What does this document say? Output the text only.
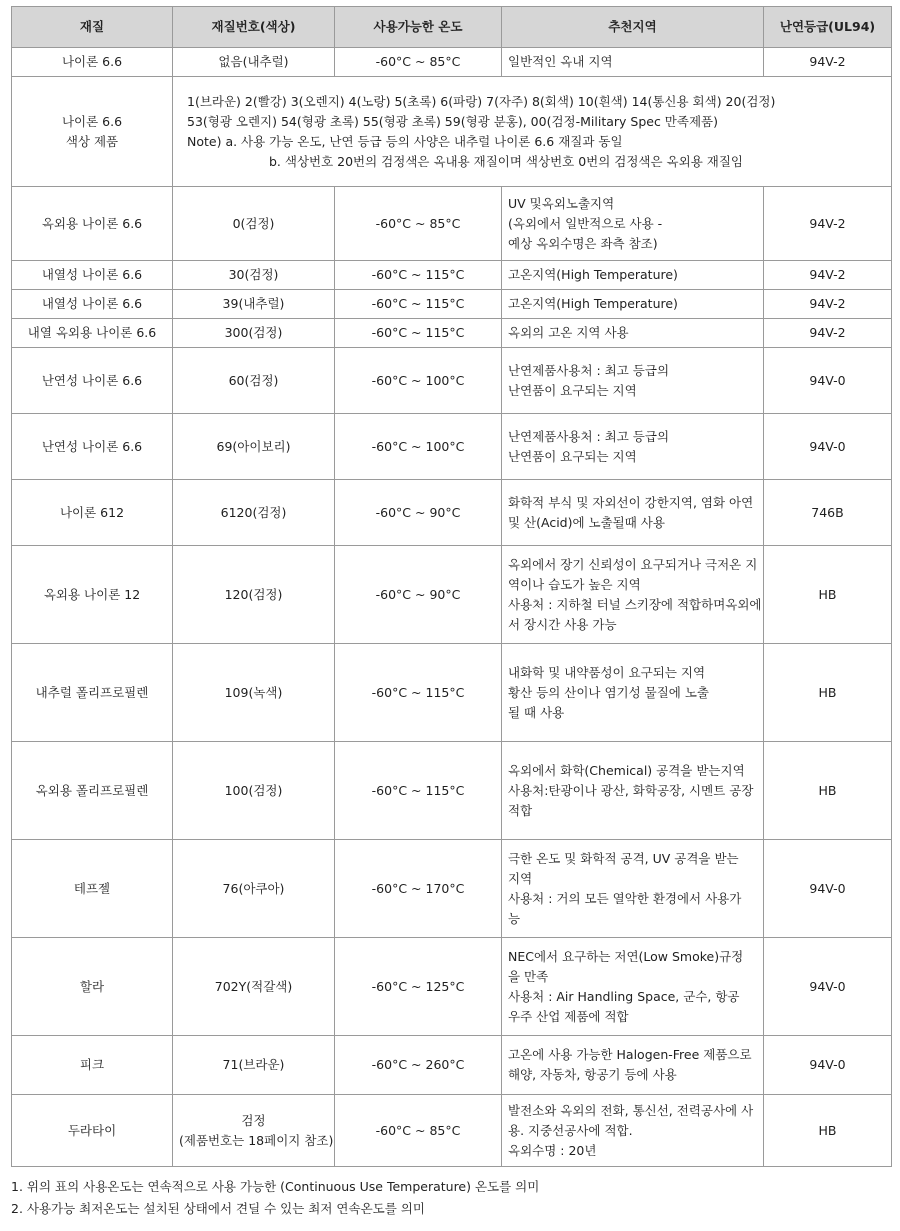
재질	재질번호(색상)	사용가능한 온도	추천지역	난연등급(UL94)
나이론 6.6	없음(내추럴)	-60°C ~ 85°C	일반적인 옥내 지역	94V-2

나이론 6.6
색상 제품	1(브라운) 2(빨강) 3(오렌지) 4(노랑) 5(초록) 6(파랑) 7(자주) 8(회색) 10(흰색) 14(통신용 회색) 20(검정)
53(형광 오렌지) 54(형광 초록) 55(형광 초록) 59(형광 분홍), 00(검정-Military Spec 만족제품)
Note) a. 사용 가능 온도, 난연 등급 등의 사양은 내추럴 나이론 6.6 재질과 동일
b. 색상번호 20번의 검정색은 옥내용 재질이며 색상번호 0번의 검정색은 옥외용 재질임			

옥외용 나이론 6.6	0(검정)	-60°C ~ 85°C	UV 및옥외노출지역
(옥외에서 일반적으로 사용 -
예상 옥외수명은 좌측 참조)	94V-2
내열성 나이론 6.6	30(검정)	-60°C ~ 115°C	고온지역(High Temperature)	94V-2
내열성 나이론 6.6	39(내추럴)	-60°C ~ 115°C	고온지역(High Temperature)	94V-2
내열 옥외용 나이론 6.6	300(검정)	-60°C ~ 115°C	옥외의 고온 지역 사용	94V-2
난연성 나이론 6.6	60(검정)	-60°C ~ 100°C	난연제품사용처 : 최고 등급의
난연품이 요구되는 지역	94V-0
난연성 나이론 6.6	69(아이보리)	-60°C ~ 100°C	난연제품사용처 : 최고 등급의
난연품이 요구되는 지역	94V-0
나이론 612	6120(검정)	-60°C ~ 90°C	화학적 부식 및 자외선이 강한지역, 염화 아연
및 산(Acid)에 노출될때 사용	746B
옥외용 나이론 12	120(검정)	-60°C ~ 90°C	옥외에서 장기 신뢰성이 요구되거나 극저온 지
역이나 습도가 높은 지역
사용처 : 지하철 터널 스키장에 적합하며옥외에
서 장시간 사용 가능	HB
내추럴 폴리프로필렌	109(녹색)	-60°C ~ 115°C	내화학 및 내약품성이 요구되는 지역
황산 등의 산이나 염기성 물질에 노출
될 때 사용	HB
옥외용 폴리프로필렌	100(검정)	-60°C ~ 115°C	옥외에서 화학(Chemical) 공격을 받는지역
사용처:탄광이나 광산, 화학공장, 시멘트 공장
적합	HB
테프젤	76(아쿠아)	-60°C ~ 170°C	극한 온도 및 화학적 공격, UV 공격을 받는
지역
사용처 : 거의 모든 열악한 환경에서 사용가
능	94V-0
할라	702Y(적갈색)	-60°C ~ 125°C	NEC에서 요구하는 저연(Low Smoke)규정
을 만족
사용처 : Air Handling Space, 군수, 항공
우주 산업 제품에 적합	94V-0
피크	71(브라운)	-60°C ~ 260°C	고온에 사용 가능한 Halogen-Free 제품으로
해양, 자동차, 항공기 등에 사용	94V-0
두라타이	검정
(제품번호는 18페이지 참조)	-60°C ~ 85°C	발전소와 옥외의 전화, 통신선, 전력공사에 사
용. 지중선공사에 적합.
옥외수명 : 20년	HB
1. 위의 표의 사용온도는 연속적으로 사용 가능한 (Continuous Use Temperature) 온도를 의미
2. 사용가능 최저온도는 설치된 상태에서 견딜 수 있는 최저 연속온도를 의미
